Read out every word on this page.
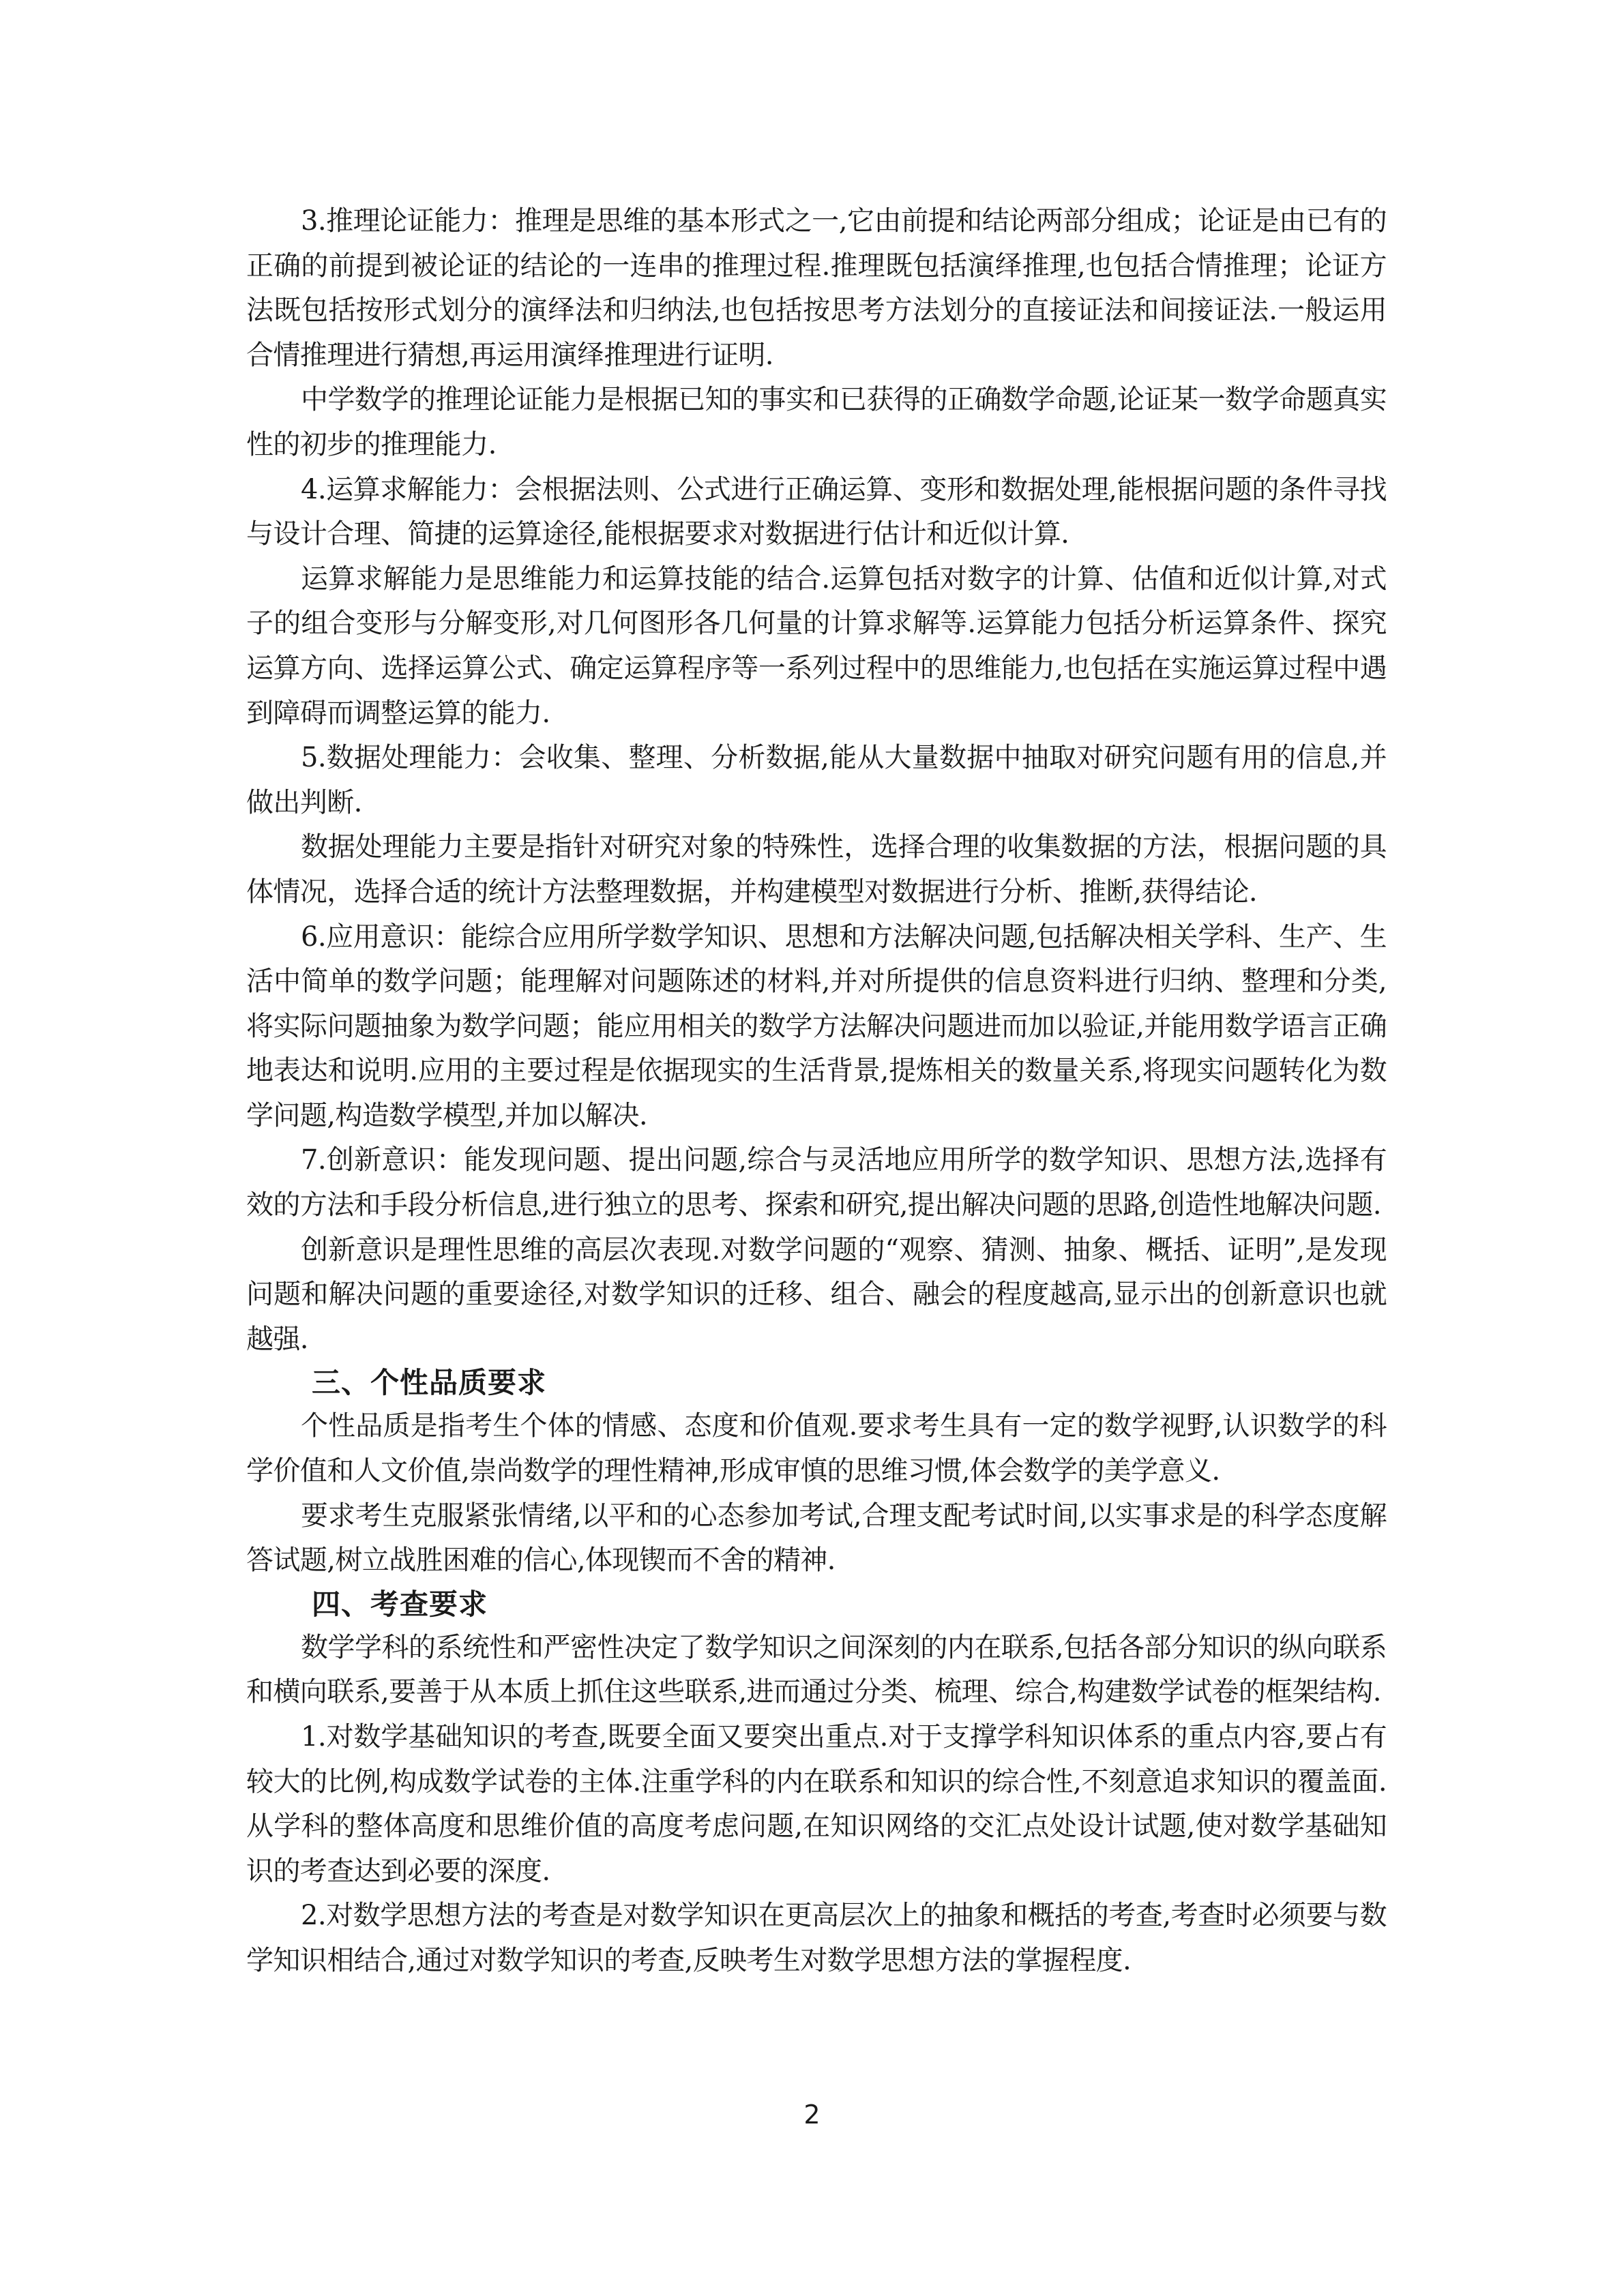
3.推理论证能力：推理是思维的基本形式之一,它由前提和结论两部分组成；论证是由已有的正确的前提到被论证的结论的一连串的推理过程.推理既包括演绎推理,也包括合情推理；论证方法既包括按形式划分的演绎法和归纳法,也包括按思考方法划分的直接证法和间接证法.一般运用合情推理进行猜想,再运用演绎推理进行证明.

中学数学的推理论证能力是根据已知的事实和已获得的正确数学命题,论证某一数学命题真实性的初步的推理能力.

4.运算求解能力：会根据法则、公式进行正确运算、变形和数据处理,能根据问题的条件寻找与设计合理、简捷的运算途径,能根据要求对数据进行估计和近似计算.

运算求解能力是思维能力和运算技能的结合.运算包括对数字的计算、估值和近似计算,对式子的组合变形与分解变形,对几何图形各几何量的计算求解等.运算能力包括分析运算条件、探究运算方向、选择运算公式、确定运算程序等一系列过程中的思维能力,也包括在实施运算过程中遇到障碍而调整运算的能力.

5.数据处理能力：会收集、整理、分析数据,能从大量数据中抽取对研究问题有用的信息,并做出判断.

数据处理能力主要是指针对研究对象的特殊性，选择合理的收集数据的方法，根据问题的具体情况，选择合适的统计方法整理数据，并构建模型对数据进行分析、推断,获得结论.

6.应用意识：能综合应用所学数学知识、思想和方法解决问题,包括解决相关学科、生产、生活中简单的数学问题；能理解对问题陈述的材料,并对所提供的信息资料进行归纳、整理和分类,将实际问题抽象为数学问题；能应用相关的数学方法解决问题进而加以验证,并能用数学语言正确地表达和说明.应用的主要过程是依据现实的生活背景,提炼相关的数量关系,将现实问题转化为数学问题,构造数学模型,并加以解决.

7.创新意识：能发现问题、提出问题,综合与灵活地应用所学的数学知识、思想方法,选择有效的方法和手段分析信息,进行独立的思考、探索和研究,提出解决问题的思路,创造性地解决问题.

创新意识是理性思维的高层次表现.对数学问题的“观察、猜测、抽象、概括、证明”,是发现问题和解决问题的重要途径,对数学知识的迁移、组合、融会的程度越高,显示出的创新意识也就越强.

三、个性品质要求

个性品质是指考生个体的情感、态度和价值观.要求考生具有一定的数学视野,认识数学的科学价值和人文价值,崇尚数学的理性精神,形成审慎的思维习惯,体会数学的美学意义.

要求考生克服紧张情绪,以平和的心态参加考试,合理支配考试时间,以实事求是的科学态度解答试题,树立战胜困难的信心,体现锲而不舍的精神.

四、考查要求

数学学科的系统性和严密性决定了数学知识之间深刻的内在联系,包括各部分知识的纵向联系和横向联系,要善于从本质上抓住这些联系,进而通过分类、梳理、综合,构建数学试卷的框架结构.

1.对数学基础知识的考查,既要全面又要突出重点.对于支撑学科知识体系的重点内容,要占有较大的比例,构成数学试卷的主体.注重学科的内在联系和知识的综合性,不刻意追求知识的覆盖面.从学科的整体高度和思维价值的高度考虑问题,在知识网络的交汇点处设计试题,使对数学基础知识的考查达到必要的深度.

2.对数学思想方法的考查是对数学知识在更高层次上的抽象和概括的考查,考查时必须要与数学知识相结合,通过对数学知识的考查,反映考生对数学思想方法的掌握程度.

2
